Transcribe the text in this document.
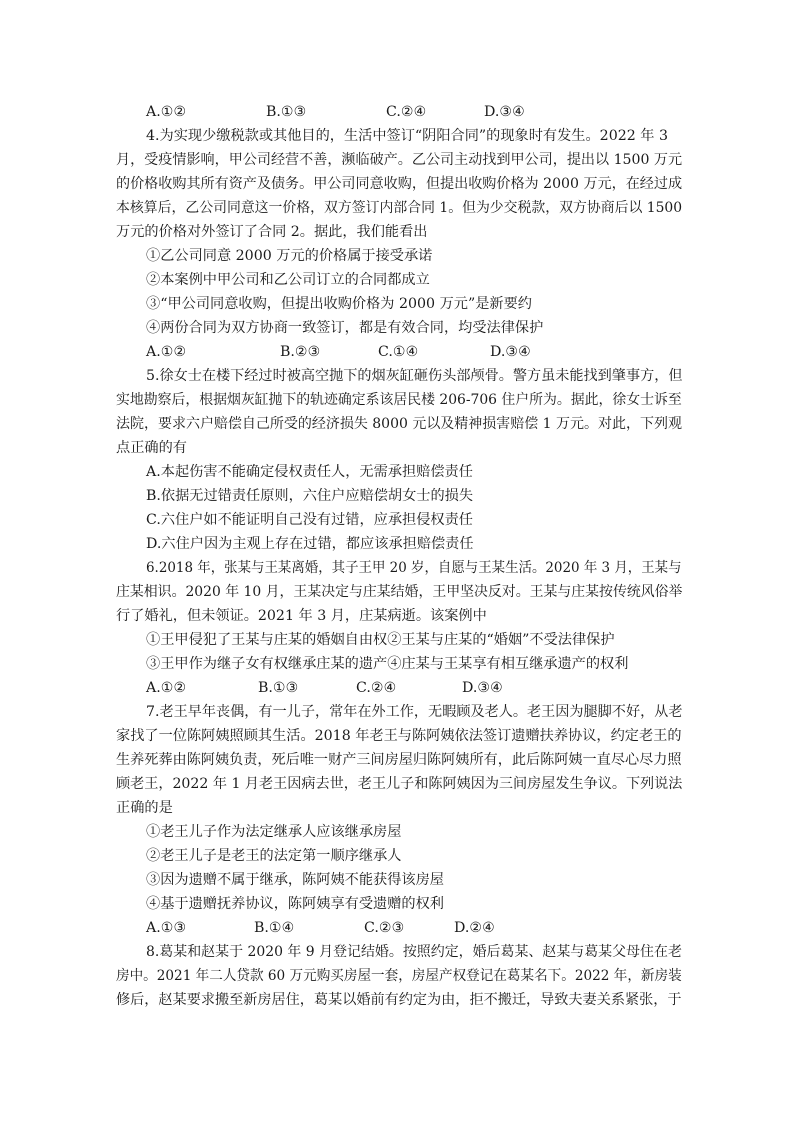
A.①②	B.①③	C.②④	D.③④
4.为实现少缴税款或其他目的，生活中签订“阴阳合同”的现象时有发生。2022 年 3
月，受疫情影响，甲公司经营不善，濒临破产。乙公司主动找到甲公司，提出以 1500 万元
的价格收购其所有资产及债务。甲公司同意收购，但提出收购价格为 2000 万元，在经过成
本核算后，乙公司同意这一价格，双方签订内部合同 1。但为少交税款，双方协商后以 1500
万元的价格对外签订了合同 2。据此，我们能看出
①乙公司同意 2000 万元的价格属于接受承诺
②本案例中甲公司和乙公司订立的合同都成立
③“甲公司同意收购，但提出收购价格为 2000 万元”是新要约
④两份合同为双方协商一致签订，都是有效合同，均受法律保护
A.①②	B.②③	C.①④	D.③④
5.徐女士在楼下经过时被高空抛下的烟灰缸砸伤头部颅骨。警方虽未能找到肇事方，但
实地勘察后，根据烟灰缸抛下的轨迹确定系该居民楼 206-706 住户所为。据此，徐女士诉至
法院，要求六户赔偿自己所受的经济损失 8000 元以及精神损害赔偿 1 万元。对此，下列观
点正确的有
A.本起伤害不能确定侵权责任人，无需承担赔偿责任
B.依据无过错责任原则，六住户应赔偿胡女士的损失
C.六住户如不能证明自己没有过错，应承担侵权责任
D.六住户因为主观上存在过错，都应该承担赔偿责任
6.2018 年，张某与王某离婚，其子王甲 20 岁，自愿与王某生活。2020 年 3 月，王某与
庄某相识。2020 年 10 月，王某决定与庄某结婚，王甲坚决反对。王某与庄某按传统风俗举
行了婚礼，但未领证。2021 年 3 月，庄某病逝。该案例中
①王甲侵犯了王某与庄某的婚姻自由权②王某与庄某的“婚姻”不受法律保护
③王甲作为继子女有权继承庄某的遗产④庄某与王某享有相互继承遗产的权利
A.①②	B.①③	C.②④	D.③④
7.老王早年丧偶，有一儿子，常年在外工作，无暇顾及老人。老王因为腿脚不好，从老
家找了一位陈阿姨照顾其生活。2018 年老王与陈阿姨依法签订遗赠扶养协议，约定老王的
生养死葬由陈阿姨负责，死后唯一财产三间房屋归陈阿姨所有，此后陈阿姨一直尽心尽力照
顾老王，2022 年 1 月老王因病去世，老王儿子和陈阿姨因为三间房屋发生争议。下列说法
正确的是
①老王儿子作为法定继承人应该继承房屋
②老王儿子是老王的法定第一顺序继承人
③因为遗赠不属于继承，陈阿姨不能获得该房屋
④基于遗赠抚养协议，陈阿姨享有受遗赠的权利
A.①③	B.①④	C.②③	D.②④
8.葛某和赵某于 2020 年 9 月登记结婚。按照约定，婚后葛某、赵某与葛某父母住在老
房中。2021 年二人贷款 60 万元购买房屋一套，房屋产权登记在葛某名下。2022 年，新房装
修后，赵某要求搬至新房居住，葛某以婚前有约定为由，拒不搬迁，导致夫妻关系紧张，于
